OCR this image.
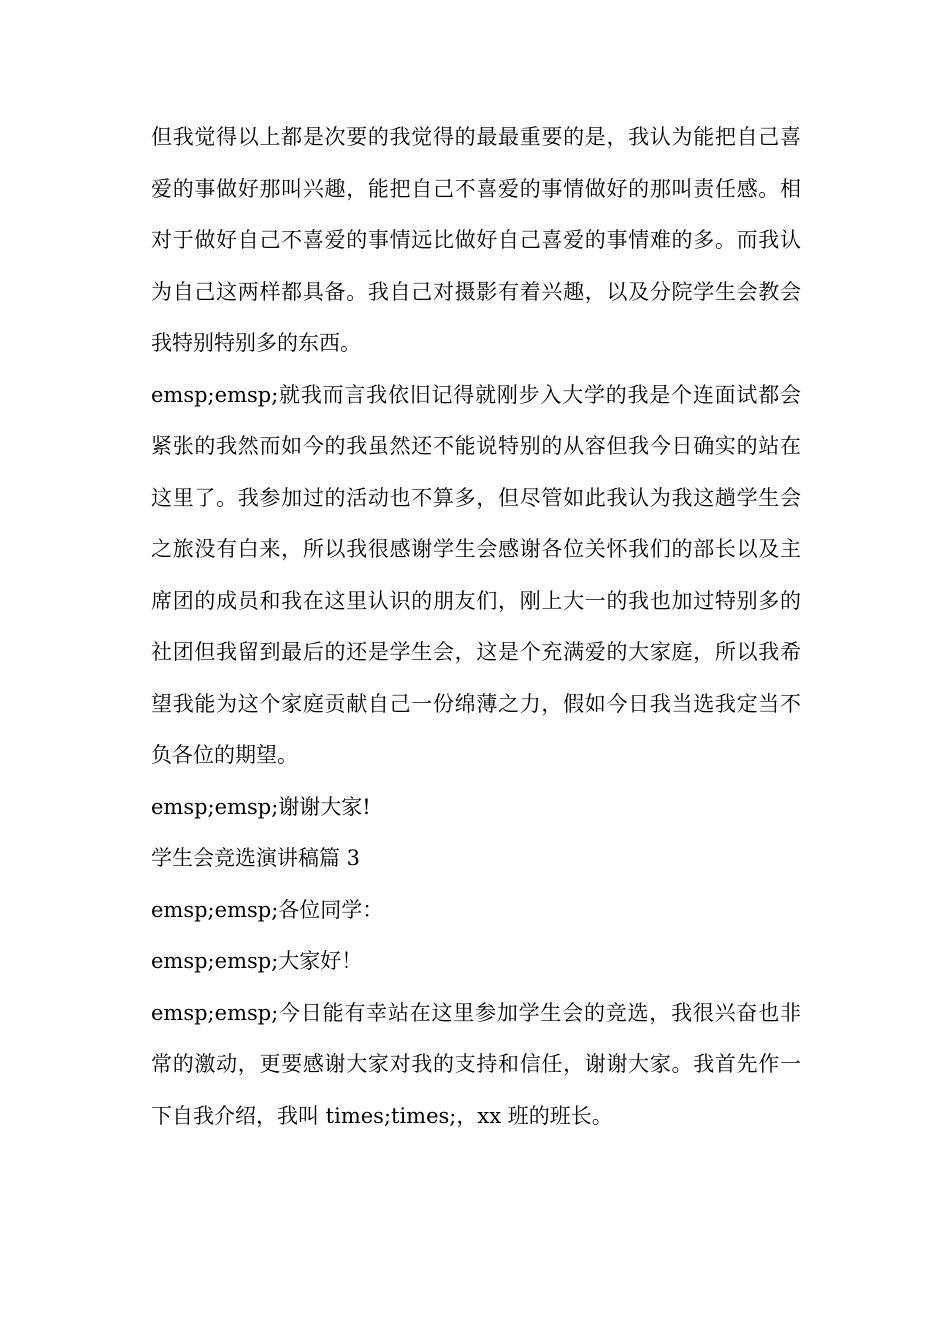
但我觉得以上都是次要的我觉得的最最重要的是，我认为能把自己喜爱的事做好那叫兴趣，能把自己不喜爱的事情做好的那叫责任感。相对于做好自己不喜爱的事情远比做好自己喜爱的事情难的多。而我认为自己这两样都具备。我自己对摄影有着兴趣，以及分院学生会教会我特别特别多的东西。

emsp;emsp;就我而言我依旧记得就刚步入大学的我是个连面试都会紧张的我然而如今的我虽然还不能说特别的从容但我今日确实的站在这里了。我参加过的活动也不算多，但尽管如此我认为我这趟学生会之旅没有白来，所以我很感谢学生会感谢各位关怀我们的部长以及主席团的成员和我在这里认识的朋友们，刚上大一的我也加过特别多的社团但我留到最后的还是学生会，这是个充满爱的大家庭，所以我希望我能为这个家庭贡献自己一份绵薄之力，假如今日我当选我定当不负各位的期望。

emsp;emsp;谢谢大家!

学生会竞选演讲稿篇 3

emsp;emsp;各位同学：

emsp;emsp;大家好！

emsp;emsp;今日能有幸站在这里参加学生会的竞选，我很兴奋也非常的激动，更要感谢大家对我的支持和信任，谢谢大家。我首先作一下自我介绍，我叫 times;times;，xx 班的班长。
